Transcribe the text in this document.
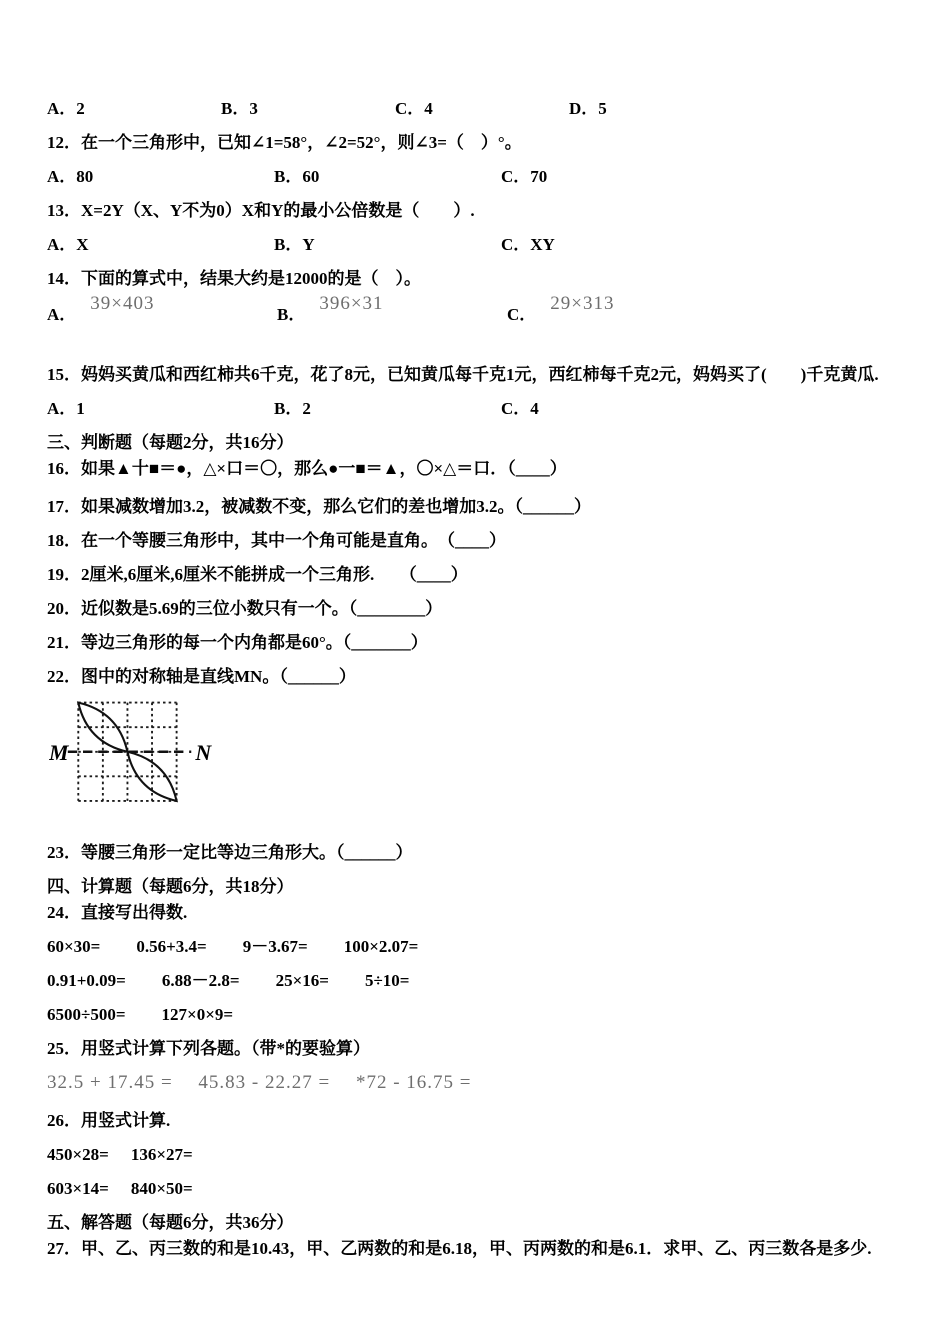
A．2	B．3	C．4	D．5
12．在一个三角形中，已知∠1=58°，∠2=52°，则∠3=（　）°。
A．80	B．60	C．70
13．X=2Y（X、Y不为0）X和Y的最小公倍数是（　　）.
A．X	B．Y	C．XY
14．下面的算式中，结果大约是12000的是（　）。
A． 39×403 B． 396×31 C． 29×313
15．妈妈买黄瓜和西红柿共6千克，花了8元，已知黄瓜每千克1元，西红柿每千克2元，妈妈买了(　　)千克黄瓜.
A．1	B．2	C．4
三、判断题（每题2分，共16分）
16．如果▲十■＝●，△×口＝〇，那么●一■＝▲，〇×△＝口．（____）
17．如果减数增加3.2，被减数不变，那么它们的差也增加3.2。（______）
18．在一个等腰三角形中，其中一个角可能是直角。　（____）
19．2厘米,6厘米,6厘米不能拼成一个三角形.　　（____）
20．近似数是5.69的三位小数只有一个。（________）
21．等边三角形的每一个内角都是60°。（_______）
22．图中的对称轴是直线MN。（______）
M	N
23．等腰三角形一定比等边三角形大。（______）
四、计算题（每题6分，共18分）
24．直接写出得数.
60×30= 0.56+3.4= 9－3.67= 100×2.07=
0.91+0.09= 6.88－2.8= 25×16= 5÷10=
6500÷500= 127×0×9=
25．用竖式计算下列各题。（带*的要验算）
32.5 + 17.45 =　 45.83 - 22.27 = 　*72 - 16.75 =
26．用竖式计算.
450×28= 136×27=
603×14= 840×50=
五、解答题（每题6分，共36分）
27．甲、乙、丙三数的和是10.43，甲、乙两数的和是6.18，甲、丙两数的和是6.1．求甲、乙、丙三数各是多少.
